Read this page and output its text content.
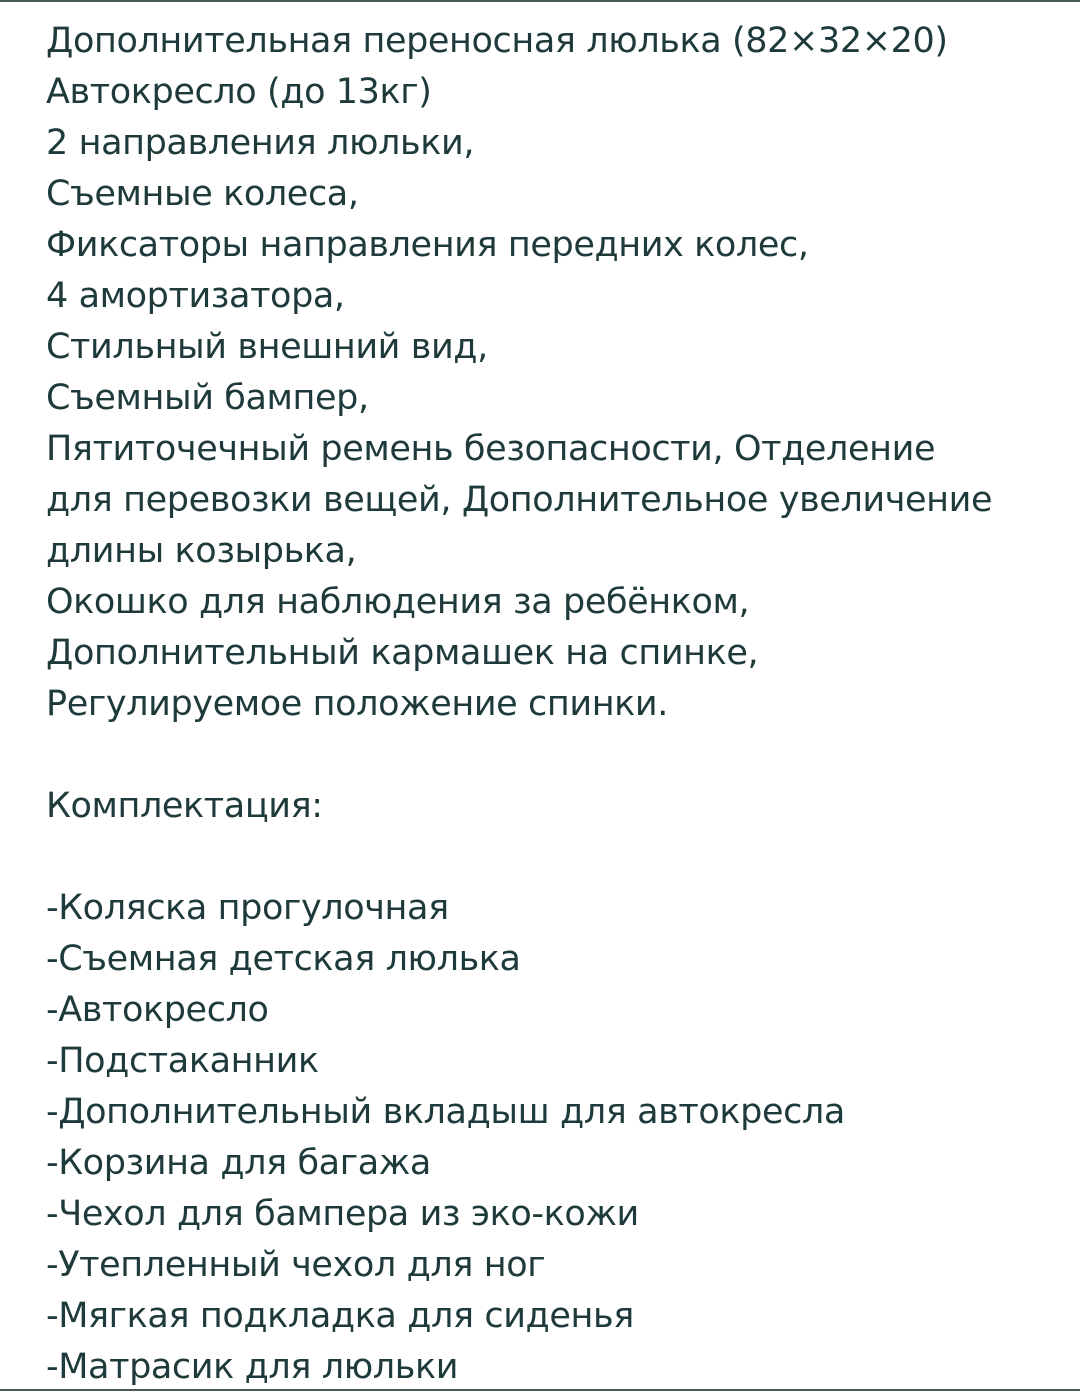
Дополнительная переносная люлька (82×32×20)

Автокресло (до 13кг)

2 направления люльки,

Съемные колеса,

Фиксаторы направления передних колес,

4 амортизатора,

Стильный внешний вид,

Съемный бампер,

Пятиточечный ремень безопасности, Отделение

для перевозки вещей, Дополнительное увеличение

длины козырька,

Окошко для наблюдения за ребёнком,

Дополнительный кармашек на спинке,

Регулируемое положение спинки.

Комплектация:

-Коляска прогулочная
-Съемная детская люлька
-Автокресло
-Подстаканник
-Дополнительный вкладыш для автокресла
-Корзина для багажа
-Чехол для бампера из эко-кожи
-Утепленный чехол для ног
-Мягкая подкладка для сиденья
-Матрасик для люльки
